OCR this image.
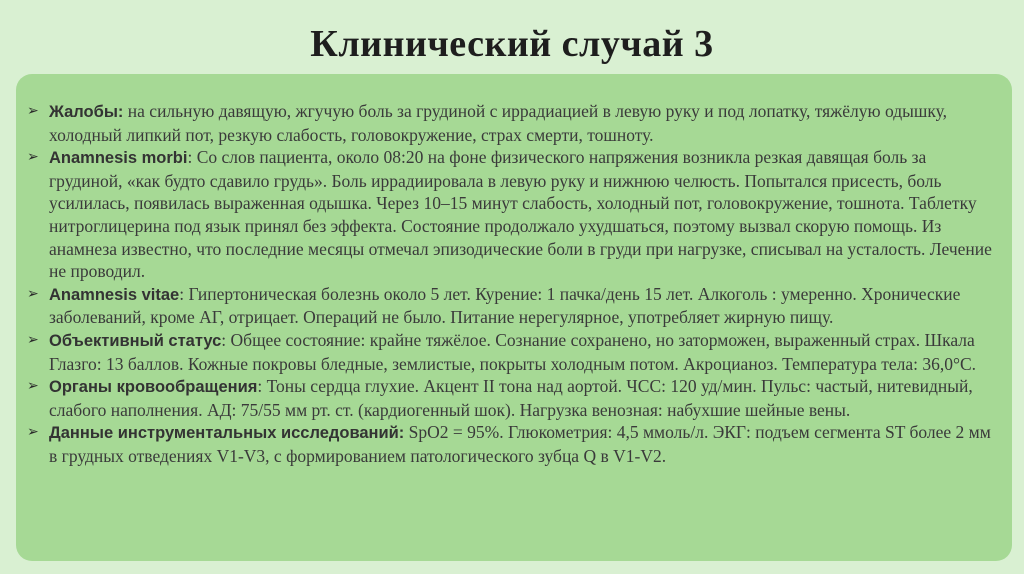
Клинический случай 3
➢ Жалобы: на сильную давящую, жгучую боль за грудиной с иррадиацией в левую руку и под лопатку, тяжёлую одышку, холодный липкий пот, резкую слабость, головокружение, страх смерти, тошноту.
➢ Anamnesis morbi: Со слов пациента, около 08:20 на фоне физического напряжения возникла резкая давящая боль за грудиной, «как будто сдавило грудь». Боль иррадиировала в левую руку и нижнюю челюсть. Попытался присесть, боль усилилась, появилась выраженная одышка. Через 10–15 минут слабость, холодный пот, головокружение, тошнота. Таблетку нитроглицерина под язык принял без эффекта. Состояние продолжало ухудшаться, поэтому вызвал скорую помощь. Из анамнеза известно, что последние месяцы отмечал эпизодические боли в груди при нагрузке, списывал на усталость. Лечение не проводил.
➢ Anamnesis vitae: Гипертоническая болезнь около 5 лет. Курение: 1 пачка/день 15 лет. Алкоголь : умеренно. Хронические заболеваний, кроме АГ, отрицает. Операций не было. Питание нерегулярное, употребляет жирную пищу.
➢ Объективный статус: Общее состояние: крайне тяжёлое. Сознание сохранено, но заторможен, выраженный страх. Шкала Глазго: 13 баллов. Кожные покровы бледные, землистые, покрыты холодным потом. Акроцианоз. Температура тела: 36,0°С.
➢ Органы кровообращения: Тоны сердца глухие. Акцент II тона над аортой. ЧСС: 120 уд/мин. Пульс: частый, нитевидный, слабого наполнения. АД: 75/55 мм рт. ст. (кардиогенный шок). Нагрузка венозная: набухшие шейные вены.
➢ Данные инструментальных исследований: SpO2 = 95%. Глюкометрия: 4,5 ммоль/л. ЭКГ: подъем сегмента ST более 2 мм в грудных отведениях V1-V3, с формированием патологического зубца Q в V1-V2.
